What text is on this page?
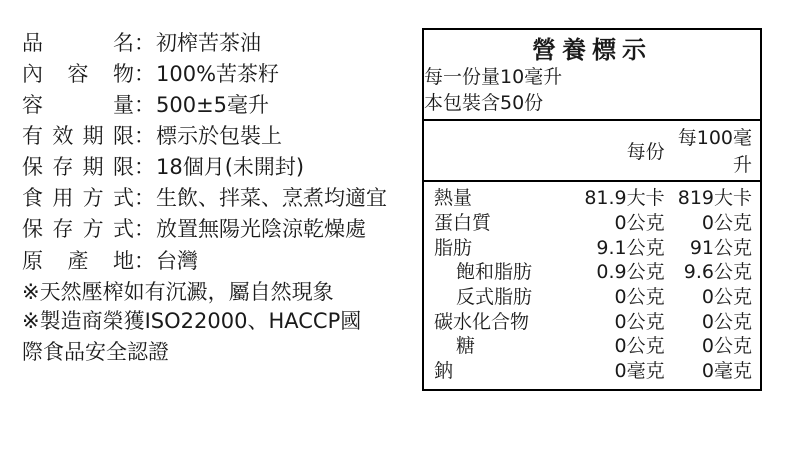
品　　名 ： 初榨苦茶油
內 容 物 ： 100%苦茶籽
容　　量 ： 500±5毫升
有效期限 ： 標示於包裝上
保存期限 ： 18個月(未開封)
食用方式 ： 生飲、拌菜、烹煮均適宜
保存方式 ： 放置無陽光陰涼乾燥處
原 產 地 ： 台灣
※天然壓榨如有沉澱，屬自然現象
※製造商榮獲ISO22000、HACCP國
際食品安全認證
營養標示		
每一份量10毫升		
本包裝含50份		
	每份	每100毫升
熱量	81.9大卡	819大卡
蛋白質	0公克	0公克
脂肪	9.1公克	91公克
飽和脂肪	0.9公克	9.6公克
反式脂肪	0公克	0公克
碳水化合物	0公克	0公克
糖	0公克	0公克
鈉	0毫克	0毫克
